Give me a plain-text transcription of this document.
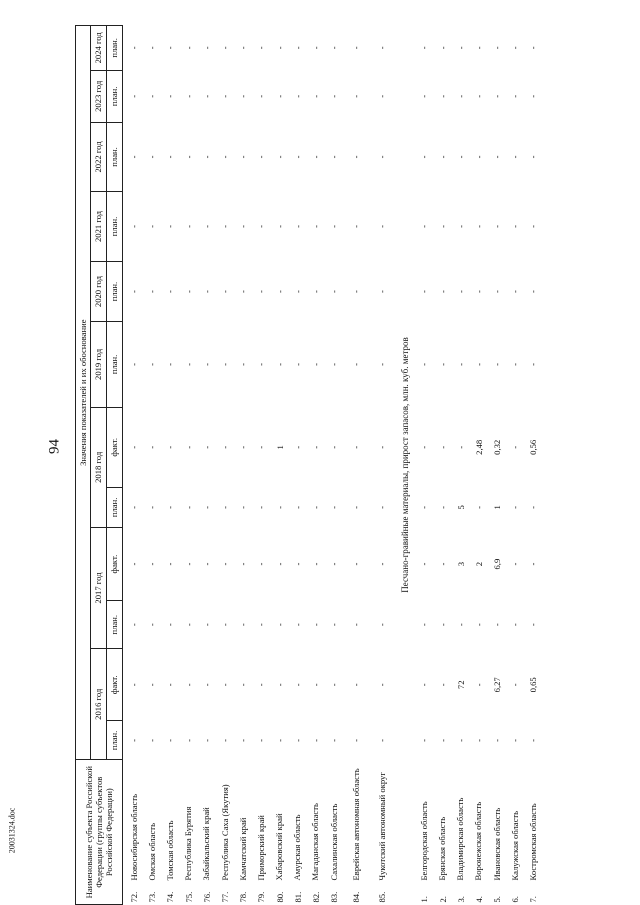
94
20031324.doc	Наименование субъекта Российской Федерации (группы субъектов Российской Федерации)		Значения показателей и их обоснование											
		2016 год		2017 год		2018 год		2019 год	2020 год	2021 год	2022 год	2023 год	2024 год
		план.	факт.	план.	факт.	план.	факт.	план.	план.	план.	план.	план.	план.
72.	Новосибирская область	-	-	-	-	-	-	-	-	-	-	-	-
73.	Омская область	-	-	-	-	-	-	-	-	-	-	-	-
74.	Томская область	-	-	-	-	-	-	-	-	-	-	-	-
75.	Республика Бурятия	-	-	-	-	-	-	-	-	-	-	-	-
76.	Забайкальский край	-	-	-	-	-	-	-	-	-	-	-	-
77.	Республика Саха (Якутия)	-	-	-	-	-	-	-	-	-	-	-	-
78.	Камчатский край	-	-	-	-	-	-	-	-	-	-	-	-
79.	Приморский край	-	-	-	-	-	-	-	-	-	-	-	-
80.	Хабаровский край	-	-	-	-	-	1	-	-	-	-	-	-
81.	Амурская область	-	-	-	-	-	-	-	-	-	-	-	-
82.	Магаданская область	-	-	-	-	-	-	-	-	-	-	-	-
83.	Сахалинская область	-	-	-	-	-	-	-	-	-	-	-	-
84.	Еврейская автономная область	-	-	-	-	-	-	-	-	-	-	-	-
85.	Чукотский автономный округ	-	-	-	-	-	-	-	-	-	-	-	-
Песчано-гравийные материалы, прирост запасов, млн. куб. метров													
1.	Белгородская область	-	-	-	-	-	-	-	-	-	-	-	-
2.	Брянская область	-	-	-	-	-	-	-	-	-	-	-	-
3.	Владимирская область	-	72	-	3	5	-	-	-	-	-	-	-
4.	Воронежская область	-	-	-	2	-	2,48	-	-	-	-	-	-
5.	Ивановская область	-	6,27	-	6,9	1	0,32	-	-	-	-	-	-
6.	Калужская область	-	-	-	-	-	-	-	-	-	-	-	-
7.	Костромская область	-	0,65	-	-	-	0,56	-	-	-	-	-	-
